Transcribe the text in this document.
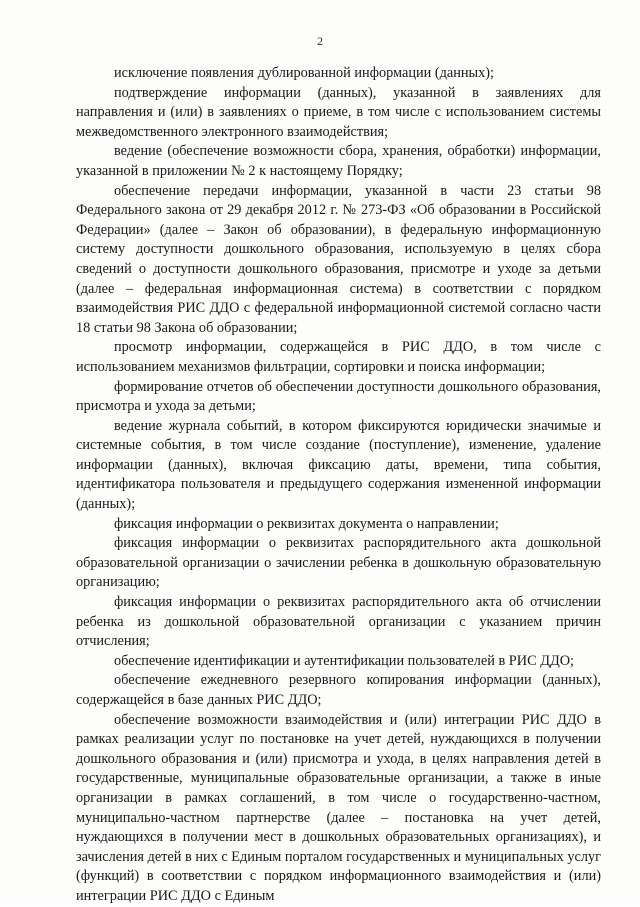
2

исключение появления дублированной информации (данных);

подтверждение информации (данных), указанной в заявлениях для направления и (или) в заявлениях о приеме, в том числе с использованием системы межведомственного электронного взаимодействия;

ведение (обеспечение возможности сбора, хранения, обработки) информации, указанной в приложении № 2 к настоящему Порядку;

обеспечение передачи информации, указанной в части 23 статьи 98 Федерального закона от 29 декабря 2012 г. № 273-ФЗ «Об образовании в Российской Федерации» (далее – Закон об образовании), в федеральную информационную систему доступности дошкольного образования, используемую в целях сбора сведений о доступности дошкольного образования, присмотре и уходе за детьми (далее – федеральная информационная система) в соответствии с порядком взаимодействия РИС ДДО с федеральной информационной системой согласно части 18 статьи 98 Закона об образовании;

просмотр информации, содержащейся в РИС ДДО, в том числе с использованием механизмов фильтрации, сортировки и поиска информации;

формирование отчетов об обеспечении доступности дошкольного образования, присмотра и ухода за детьми;

ведение журнала событий, в котором фиксируются юридически значимые и системные события, в том числе создание (поступление), изменение, удаление информации (данных), включая фиксацию даты, времени, типа события, идентификатора пользователя и предыдущего содержания измененной информации (данных);

фиксация информации о реквизитах документа о направлении;

фиксация информации о реквизитах распорядительного акта дошкольной образовательной организации о зачислении ребенка в дошкольную образовательную организацию;

фиксация информации о реквизитах распорядительного акта об отчислении ребенка из дошкольной образовательной организации с указанием причин отчисления;

обеспечение идентификации и аутентификации пользователей в РИС ДДО;

обеспечение ежедневного резервного копирования информации (данных), содержащейся в базе данных РИС ДДО;

обеспечение возможности взаимодействия и (или) интеграции РИС ДДО в рамках реализации услуг по постановке на учет детей, нуждающихся в получении дошкольного образования и (или) присмотра и ухода, в целях направления детей в государственные, муниципальные образовательные организации, а также в иные организации в рамках соглашений, в том числе о государственно-частном, муниципально-частном партнерстве (далее – постановка на учет детей, нуждающихся в получении мест в дошкольных образовательных организациях), и зачисления детей в них с Единым порталом государственных и муниципальных услуг (функций) в соответствии с порядком информационного взаимодействия и (или) интеграции РИС ДДО с Единым
